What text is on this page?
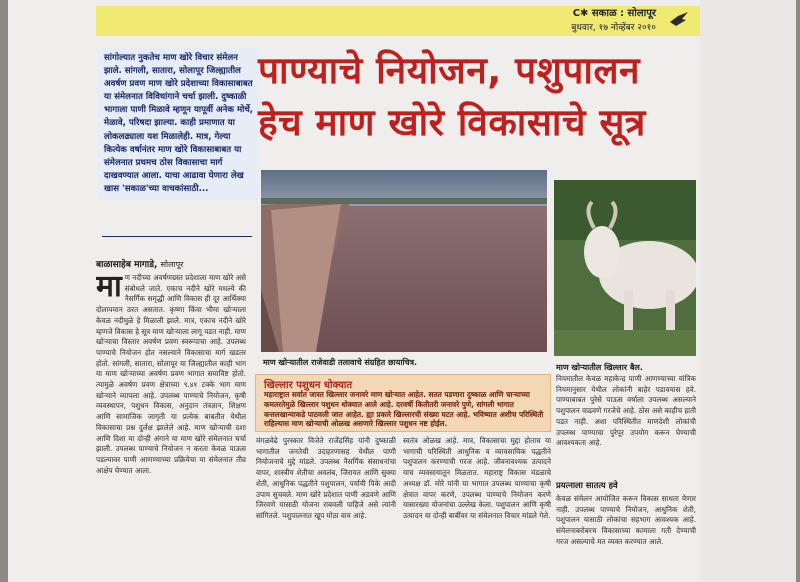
C✱ सकाळ : सोलापूर
बुधवार, १७ नोव्हेंबर २०१०
सांगोल्यात नुकतेच माण खोरे विचार संमेलन झाले. सांगली, सातारा, सोलापूर जिल्ह्यातील अवर्षण प्रवण माण खोरे प्रदेशाच्या विकासाबाबत या संमेलनात विविधांगाने चर्चा झाली. दुष्काळी भागाला पाणी मिळावे म्हणून यापूर्वी अनेक मोर्चे, मेळावे, परिषदा झाल्या. काही प्रमाणात या लोकलढ्याला यश मिळालेही. मात्र, गेल्या कित्येक वर्षानंतर माण खोरे विकासाबाबत या संमेलनात प्रथमच ठोस विकासाचा मार्ग दाखवण्यात आला. याचा आढावा घेणारा लेख खास 'सकाळ'च्या वाचकांसाठी...
पाण्याचे नियोजन, पशुपालन
हेच माण खोरे विकासाचे सूत्र
माण खोऱ्यातील राजेवाडी तलावाचे संग्रहित छायाचित्र.
माण खोऱ्यातील खिल्लार बैल.
बाळासाहेब मागाडे, सोलापूर
मा ण नदीच्या अवर्षणग्रस्त प्रदेशाला माण खोरे असे संबोधले जाते. एकाच नदीने खोरे मधल्ये की नैसर्गिक समृद्धी आणि विकास ही दूर आर्थिक्या दोलायमान ठरत असतात. कृष्णा किंवा भीमा खोऱ्याला केवळ नदीमुळे हे मिळाली झाले. मात्र, एकाच नदीने खोरे म्हणजे विकास हे सूत्र माण खोऱ्याला लागू पडत नाही. माण खोऱ्याचा विस्तार अवर्षण प्रवण स्वरूपाचा आहे. उपलब्ध पाण्याचे नियोजन होत नसल्याने विकासाचा मार्ग खडतर होतो. सांगली, सातारा, सोलापूर या जिल्ह्यातील काही भाग या माण खोऱ्याच्या अवर्षण प्रवण भागात समाविष्ट होतो. त्यामुळे अवर्षण प्रवण क्षेत्राच्या ९.४१ टक्के भाग माण खोऱ्याने व्यापला आहे. उपलब्ध पाण्याचे नियोजन, कृषी व्यवस्थापन, पशुधन विकास, अनुदान तंत्रज्ञान, शिक्षण आणि सामाजिक जागृती या प्रत्येक बाबतीत येथील विकासाचा प्रश्न दुर्लक्ष झालेले आहे. माण खोऱ्याची दशा आणि दिशा या दोन्ही अंगाने या माण खोरे संमेलनात चर्चा झाली. उपलब्ध पाण्याचे नियोजन न करता केवळ पाऊस पडल्यावर पाणी आणण्याच्या प्रक्रियेचा या संमेलनात तीव्र आक्षेप घेण्यात आला.
खिल्लार पशुधन धोक्यात
महाराष्ट्रात सर्वात जास्त खिल्लार जनावरे माण खोऱ्यात आहेत. सतत पडणारा दुष्काळ आणि चाऱ्याच्या कमतरतेमुळे खिल्लार पशुधन धोक्यात आले आहे. दरवर्षी कितीतरी जनावरे पुणे, सांगली भागात कत्तलखान्याकडे पाठवली जात आहेत. ह्या प्रकारे खिल्लारची संख्या घटत आहे. भविष्यात अशीच परिस्थिती राहिल्यास माण खोऱ्याची ओळख असणारे खिल्लार पशुधन नष्ट होईल.
मंगळवेढे पुरस्कार विजेते राजेंद्रसिंह यांनी दुष्काळी भागातील जनतेची उदाहरणासह येथील पाणी नियोजनाचे मुद्दे मांडले. उपलब्ध नैसर्गिक संसाधनांचा वापर, शास्त्रीय शेतीचा अवलंब, जिरायत आणि सुक्या शेती, आधुनिक पद्धतीने पशुपालन, पर्यायी पिके आदी उपाय सुचवले. माण खोरे प्रदेशात पाणी अडवणे आणि जिरवणे यासाठी योजना राबवली पाहिजे असे त्यांनी सांगितले. पशुपालनात खूप मोठा वाव आहे.
स्वतंत्र ओळख आहे. मात्र, विकासाचा मुद्दा होताच या भागाची परिस्थिती आधुनिक व व्यावसायिक पद्धतीने पशुपालन करण्याची गरज आहे. जीवनावश्यक उत्पादने याच व्यवसायातून मिळतात. महाराष्ट्र विकास मंडळाचे अध्यक्ष डॉ. मोरे यांनी या भागात उपलब्ध पाण्याचा कृषी क्षेत्रात वापर करणे, उपलब्ध पाण्याचे नियोजन करणे यासारख्या योजनांचा उल्लेख केला. पशुपालन आणि कृषी उत्पादन या दोन्ही बाबींवर या संमेलनात विचार मांडले गेले.
नियमातील केवळ महाकेन्द्र पाणी आणण्याच्या यांत्रिक नियमानुसार येथील लोकांनी बाहेर पडावयास हवे. पाण्याबाबत पुरेसे पाऊस वर्षाला उपलब्ध असल्याने पशुपालन वाढवणे गरजेचे आहे. ठोस असे काहीच हाती पडत नाही. अशा परिस्थितीत माणदेशी लोकांची उपलब्ध पाण्याचा पुरेपूर उपयोग करून घेण्याची आवश्यकता आहे.
प्रयत्नाला सातत्य हवे
केवळ संमेलन आयोजित करून विकास साधता येणार नाही. उपलब्ध पाण्याचे नियोजन, आधुनिक शेती, पशुपालन यासाठी लोकांचा सहभाग आवश्यक आहे. संमेलनाबरोबरच विकासाच्या कामाला गती देण्याची गरज असल्याचे मत व्यक्त करण्यात आले.
